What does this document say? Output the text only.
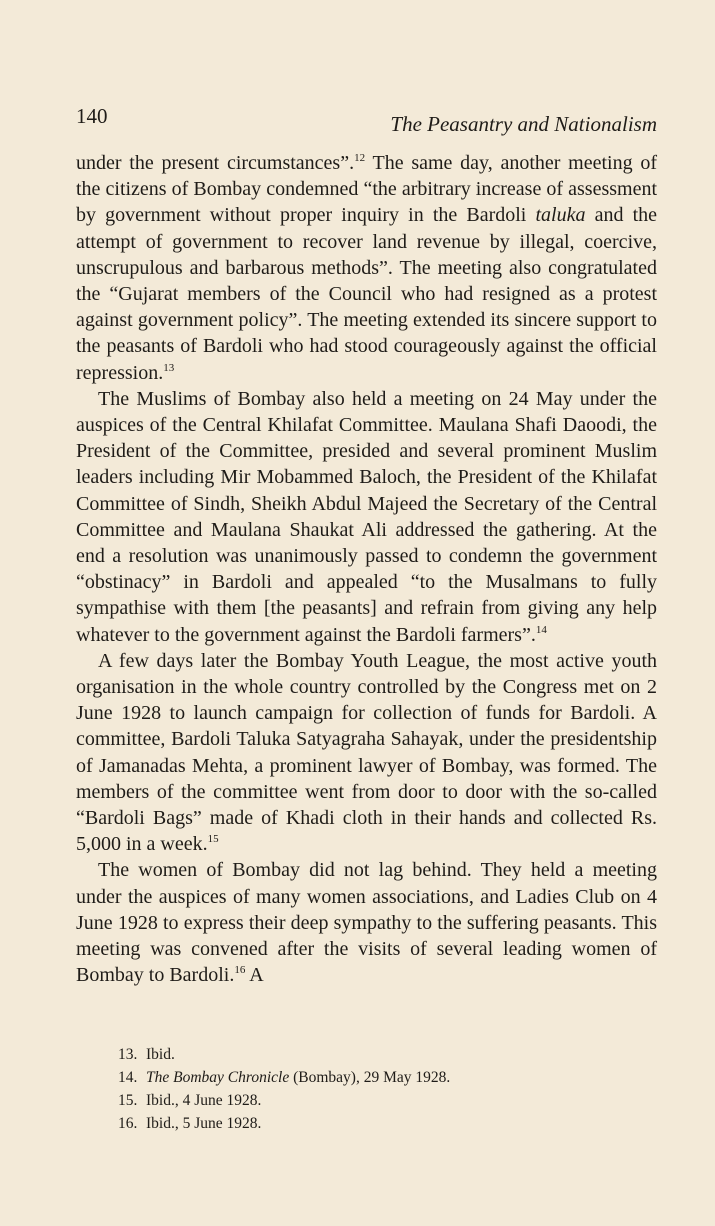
140	The Peasantry and Nationalism

under the present circumstances”.$^{12}$ The same day, another meeting of the citizens of Bombay condemned “the arbitrary increase of assessment by government without proper inquiry in the Bardoli taluka and the attempt of government to recover land revenue by illegal, coercive, unscrupulous and barbarous methods”. The meeting also congratulated the “Gujarat members of the Council who had resigned as a protest against government policy”. The meeting extended its sincere support to the peasants of Bardoli who had stood courageously against the official repression.$^{13}$

The Muslims of Bombay also held a meeting on 24 May under the auspices of the Central Khilafat Committee. Maulana Shafi Daoodi, the President of the Committee, presided and several prominent Muslim leaders including Mir Mobammed Baloch, the President of the Khilafat Committee of Sindh, Sheikh Abdul Majeed the Secretary of the Central Committee and Maulana Shaukat Ali addressed the gathering. At the end a resolution was unanimously passed to condemn the government “obstinacy” in Bardoli and appealed “to the Musalmans to fully sympathise with them [the peasants] and refrain from giving any help whatever to the government against the Bardoli farmers”.$^{14}$

A few days later the Bombay Youth League, the most active youth organisation in the whole country controlled by the Congress met on 2 June 1928 to launch campaign for collection of funds for Bardoli. A committee, Bardoli Taluka Satyagraha Sahayak, under the presidentship of Jamanadas Mehta, a prominent lawyer of Bombay, was formed. The members of the committee went from door to door with the so-called “Bardoli Bags” made of Khadi cloth in their hands and collected Rs. 5,000 in a week.$^{15}$

The women of Bombay did not lag behind. They held a meeting under the auspices of many women associations, and Ladies Club on 4 June 1928 to express their deep sympathy to the suffering peasants. This meeting was convened after the visits of several leading women of Bombay to Bardoli.$^{16}$ A

13. Ibid.
14. The Bombay Chronicle (Bombay), 29 May 1928.
15. Ibid., 4 June 1928.
16. Ibid., 5 June 1928.
